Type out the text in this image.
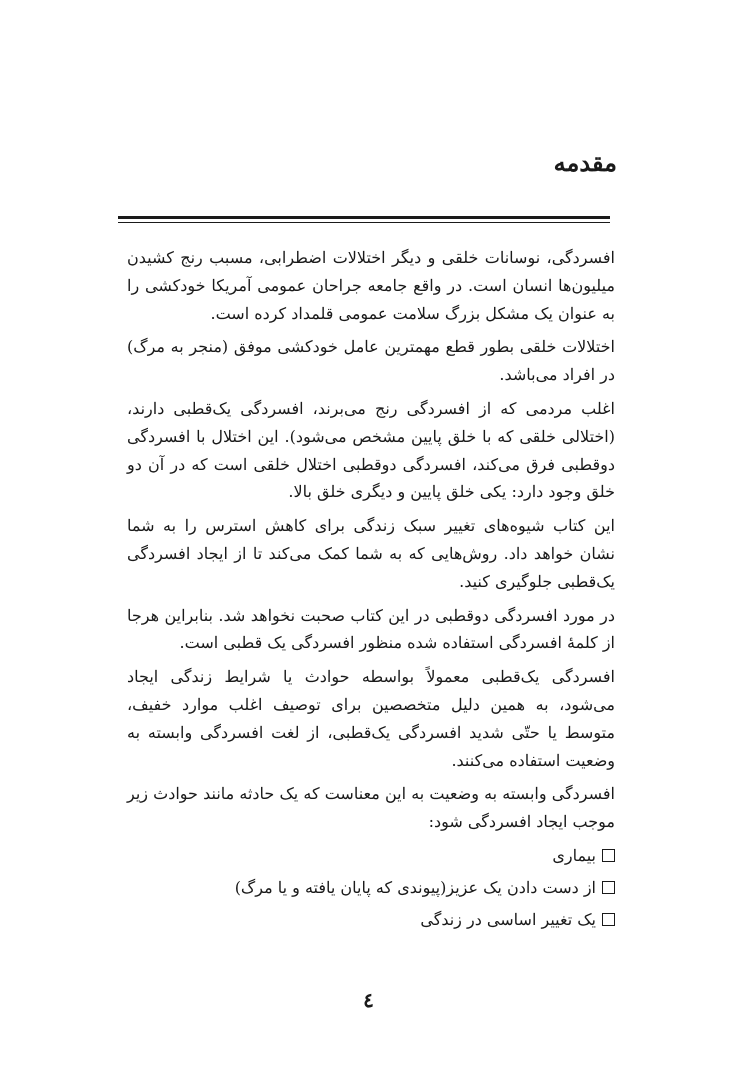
مقدمه

افسردگی، نوسانات خلقی و دیگر اختلالات اضطرابی، مسبب رنج کشیدن میلیون‌ها انسان است. در واقع جامعه جراحان عمومی آمریکا خودکشی را به عنوان یک مشکل بزرگ سلامت عمومی قلمداد کرده است.

اختلالات خلقی بطور قطع مهمترین عامل خودکشی موفق (منجر به مرگ) در افراد می‌باشد.

اغلب مردمی که از افسردگی رنج می‌برند، افسردگی یک‌قطبی دارند، (اختلالی خلقی که با خلق پایین مشخص می‌شود). این اختلال با افسردگی دوقطبی فرق می‌کند، افسردگی دوقطبی اختلال خلقی است که در آن دو خلق وجود دارد: یکی خلق پایین و دیگری خلق بالا.

این کتاب شیوه‌های تغییر سبک زندگی برای کاهش استرس را به شما نشان خواهد داد. روش‌هایی که به شما کمک می‌کند تا از ایجاد افسردگی یک‌قطبی جلوگیری کنید.

در مورد افسردگی دوقطبی در این کتاب صحبت نخواهد شد. بنابراین هرجا از کلمهٔ افسردگی استفاده شده منظور افسردگی یک قطبی است.

افسردگی یک‌قطبی معمولاً بواسطه حوادث یا شرایط زندگی ایجاد می‌شود، به همین دلیل متخصصین برای توصیف اغلب موارد خفیف، متوسط یا حتّی شدید افسردگی یک‌قطبی، از لغت افسردگی وابسته به وضعیت استفاده می‌کنند.

افسردگی وابسته به وضعیت به این معناست که یک حادثه مانند حوادث زیر موجب ایجاد افسردگی شود:

بیماری
از دست دادن یک عزیز(پیوندی که پایان یافته و یا مرگ)
یک تغییر اساسی در زندگی
٤
